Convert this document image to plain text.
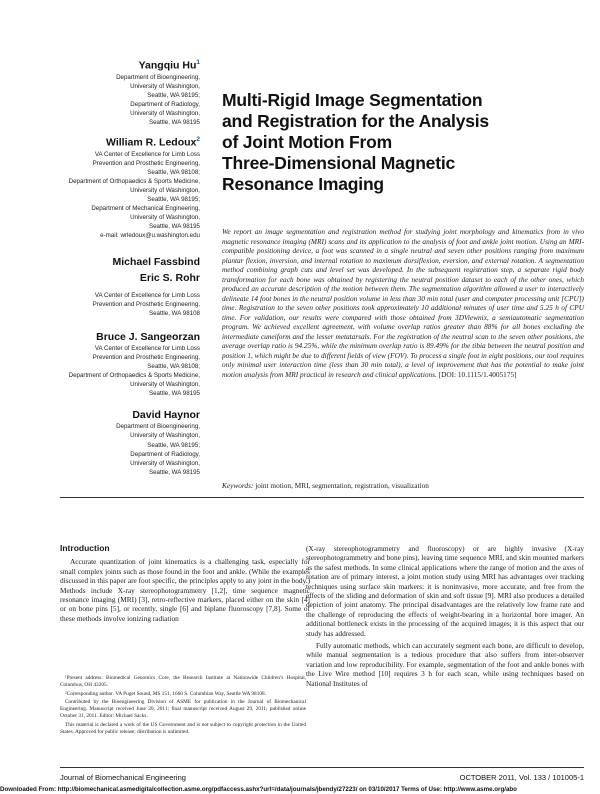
Yangqiu Hu$^1$
Department of Bioengineering,
University of Washington,
Seattle, WA 98195;
Department of Radiology,
University of Washington,
Seattle, WA 98195
William R. Ledoux$^2$
VA Center of Excellence for Limb Loss
Prevention and Prosthetic Engineering,
Seattle, WA 98108;
Department of Orthopaedics & Sports Medicine,
University of Washington,
Seattle, WA 98195;
Department of Mechanical Engineering,
University of Washington,
Seattle, WA 98195
e-mail: wrledoux@u.washington.edu
Michael Fassbind
Eric S. Rohr
VA Center of Excellence for Limb Loss
Prevention and Prosthetic Engineering,
Seattle, WA 98108
Bruce J. Sangeorzan
VA Center of Excellence for Limb Loss
Prevention and Prosthetic Engineering,
Seattle, WA 98108;
Department of Orthopaedics & Sports Medicine,
University of Washington,
Seattle, WA 98195
David Haynor
Department of Bioengineering,
University of Washington,
Seattle, WA 98195;
Department of Radiology,
University of Washington,
Seattle, WA 98195
Multi-Rigid Image Segmentation
and Registration for the Analysis
of Joint Motion From
Three-Dimensional Magnetic
Resonance Imaging
We report an image segmentation and registration method for studying joint morphology and kinematics from in vivo magnetic resonance imaging (MRI) scans and its application to the analysis of foot and ankle joint motion. Using an MRI-compatible positioning device, a foot was scanned in a single neutral and seven other positions ranging from maximum plantar flexion, inversion, and internal rotation to maximum dorsiflexion, eversion, and external rotation. A segmentation method combining graph cuts and level set was developed. In the subsequent registration step, a separate rigid body transformation for each bone was obtained by registering the neutral position dataset to each of the other ones, which produced an accurate description of the motion between them. The segmentation algorithm allowed a user to interactively delineate 14 foot bones in the neutral position volume in less than 30 min total (user and computer processing unit [CPU]) time. Registration to the seven other positions took approximately 10 additional minutes of user time and 5.25 h of CPU time. For validation, our results were compared with those obtained from 3DViewnix, a semiautomatic segmentation program. We achieved excellent agreement, with volume overlap ratios greater than 88% for all bones excluding the intermediate cuneiform and the lesser metatarsals. For the registration of the neutral scan to the seven other positions, the average overlap ratio is 94.25%, while the minimum overlap ratio is 89.49% for the tibia between the neutral position and position 1, which might be due to different fields of view (FOV). To process a single foot in eight positions, our tool requires only minimal user interaction time (less than 30 min total), a level of improvement that has the potential to make joint motion analysis from MRI practical in research and clinical applications. [DOI: 10.1115/1.4005175]
Keywords: joint motion, MRI, segmentation, registration, visualization
Introduction

Accurate quantization of joint kinematics is a challenging task, especially for small complex joints such as those found in the foot and ankle. (While the examples discussed in this paper are foot specific, the principles apply to any joint in the body.) Methods include X-ray stereophotogrammetry [1,2], time sequence magnetic resonance imaging (MRI) [3], retro-reflective markers, placed either on the skin [4] or on bone pins [5], or recently, single [6] and biplane fluoroscopy [7,8]. Some of these methods involve ionizing radiation

(X-ray stereophotogrammetry and fluoroscopy) or are highly invasive (X-ray stereophotogrammetry and bone pins), leaving time sequence MRI, and skin mounted markers as the safest methods. In some clinical applications where the range of motion and the axes of rotation are of primary interest, a joint motion study using MRI has advantages over tracking techniques using surface skin markers: it is noninvasive, more accurate, and free from the effects of the sliding and deformation of skin and soft tissue [9]. MRI also produces a detailed depiction of joint anatomy. The principal disadvantages are the relatively low frame rate and the challenge of reproducing the effects of weight-bearing in a horizontal bore imager. An additional bottleneck exists in the processing of the acquired images; it is this aspect that our study has addressed.

Fully automatic methods, which can accurately segment each bone, are difficult to develop, while manual segmentation is a tedious procedure that also suffers from inter-observer variation and low reproducibility. For example, segmentation of the foot and ankle bones with the Live Wire method [10] requires 3 h for each scan, while using techniques based on National Institutes of

¹Present address: Biomedical Genomics Core, the Research Institute at Nationwide Children’s Hospital, Columbus, OH 43205.

²Corresponding author. VA Puget Sound, MS 151, 1660 S. Columbian Way, Seattle WA 98108.

Contributed by the Bioengineering Division of ASME for publication in the Journal of Biomechanical Engineering. Manuscript received June 20, 2011; final manuscript received August 29, 2011; published online October 31, 2011. Editor: Michael Sacks.

This material is declared a work of the US Government and is not subject to copyright protection in the United States. Approved for public release; distribution is unlimited.

Journal of Biomechanical Engineering	OCTOBER 2011, Vol. 133 / 101005-1
Downloaded From: http://biomechanical.asmedigitalcollection.asme.org/pdfaccess.ashx?url=/data/journals/jbendy/27223/ on 03/10/2017 Terms of Use: http://www.asme.org/abo
